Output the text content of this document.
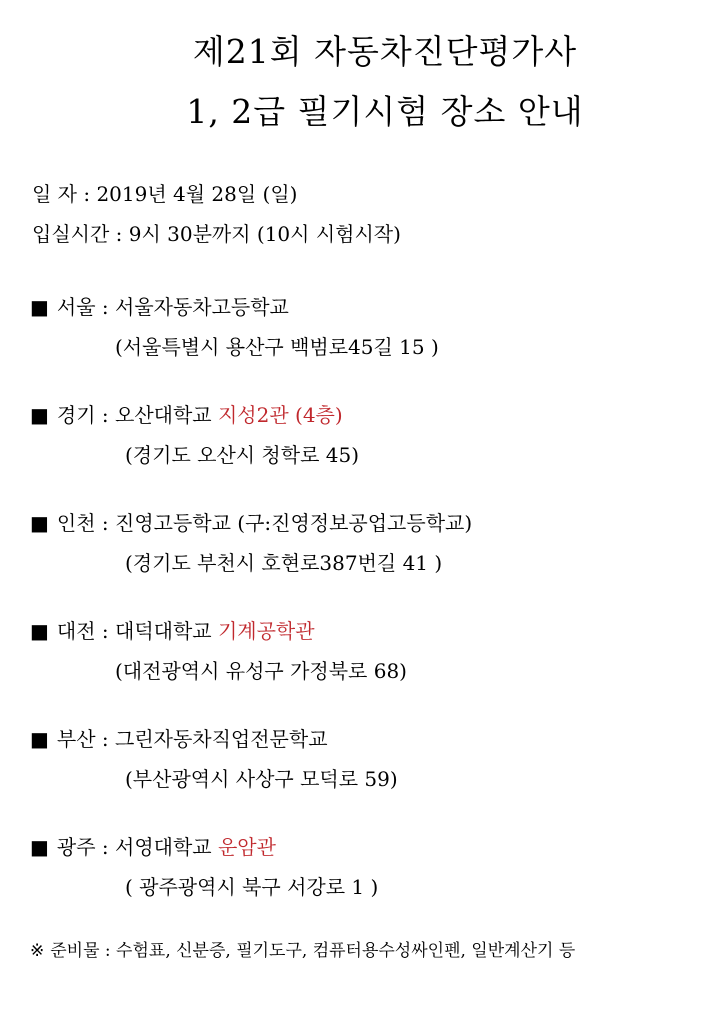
제21회 자동차진단평가사
1, 2급 필기시험 장소 안내

일 자 : 2019년 4월 28일 (일)

입실시간 : 9시 30분까지 (10시 시험시작)

■ 서울 : 서울자동차고등학교
(서울특별시 용산구 백범로45길 15 )
■ 경기 : 오산대학교 지성2관 (4층)
(경기도 오산시 청학로 45)
■ 인천 : 진영고등학교 (구:진영정보공업고등학교)
(경기도 부천시 호현로387번길 41 )
■ 대전 : 대덕대학교 기계공학관
(대전광역시 유성구 가정북로 68)
■ 부산 : 그린자동차직업전문학교
(부산광역시 사상구 모덕로 59)
■ 광주 : 서영대학교 운암관
( 광주광역시 북구 서강로 1 )
※ 준비물 : 수험표, 신분증, 필기도구, 컴퓨터용수성싸인펜, 일반계산기 등
